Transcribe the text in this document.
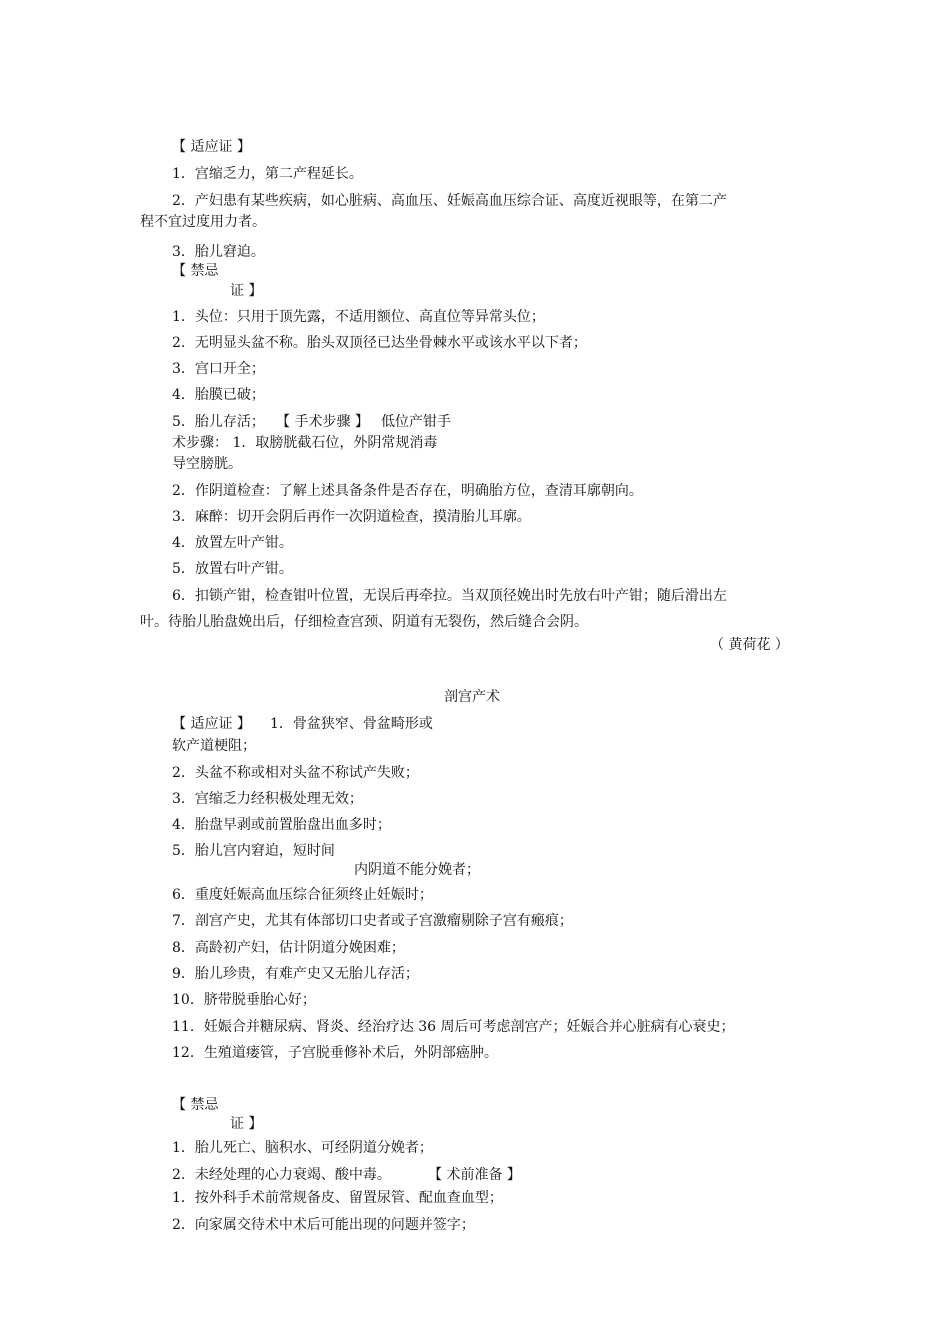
【 适应证 】
1．宫缩乏力，第二产程延长。
2．产妇患有某些疾病，如心脏病、高血压、妊娠高血压综合证、高度近视眼等，在第二产
程不宜过度用力者。
3．胎儿窘迫。
【 禁忌
证 】
1．头位：只用于顶先露，不适用额位、高直位等异常头位；
2．无明显头盆不称。胎头双顶径已达坐骨棘水平或该水平以下者；
3．宫口开全；
4．胎膜已破；
5．胎儿存活； 【 手术步骤 】 低位产钳手
术步骤： 1．取膀胱截石位，外阴常规消毒
导空膀胱。
2．作阴道检查：了解上述具备条件是否存在，明确胎方位，查清耳廓朝向。
3．麻醉：切开会阴后再作一次阴道检查，摸清胎儿耳廓。
4．放置左叶产钳。
5．放置右叶产钳。
6．扣锁产钳，检查钳叶位置，无误后再牵拉。当双顶径娩出时先放右叶产钳；随后滑出左
叶。待胎儿胎盘娩出后，仔细检查宫颈、阴道有无裂伤，然后缝合会阴。
（ 黄荷花 ）
剖宫产术
【 适应证 】 1．骨盆狭窄、骨盆畸形或
软产道梗阻；
2．头盆不称或相对头盆不称试产失败；
3．宫缩乏力经积极处理无效；
4．胎盘早剥或前置胎盘出血多时；
5．胎儿宫内窘迫，短时间
内阴道不能分娩者；
6．重度妊娠高血压综合征须终止妊娠时；
7．剖宫产史，尤其有体部切口史者或子宫激瘤剔除子宫有瘢痕；
8．高龄初产妇，估计阴道分娩困难；
9．胎儿珍贵，有难产史又无胎儿存活；
10．脐带脱垂胎心好；
11．妊娠合并糖尿病、肾炎、经治疗达 36 周后可考虑剖宫产；妊娠合并心脏病有心衰史；
12．生殖道瘘管，子宫脱垂修补术后，外阴部癌肿。
【 禁忌
证 】
1．胎儿死亡、脑积水、可经阴道分娩者；
2．未经处理的心力衰竭、酸中毒。	【 术前准备 】
1．按外科手术前常规备皮、留置尿管、配血查血型；
2．向家属交待术中术后可能出现的问题并签字；
